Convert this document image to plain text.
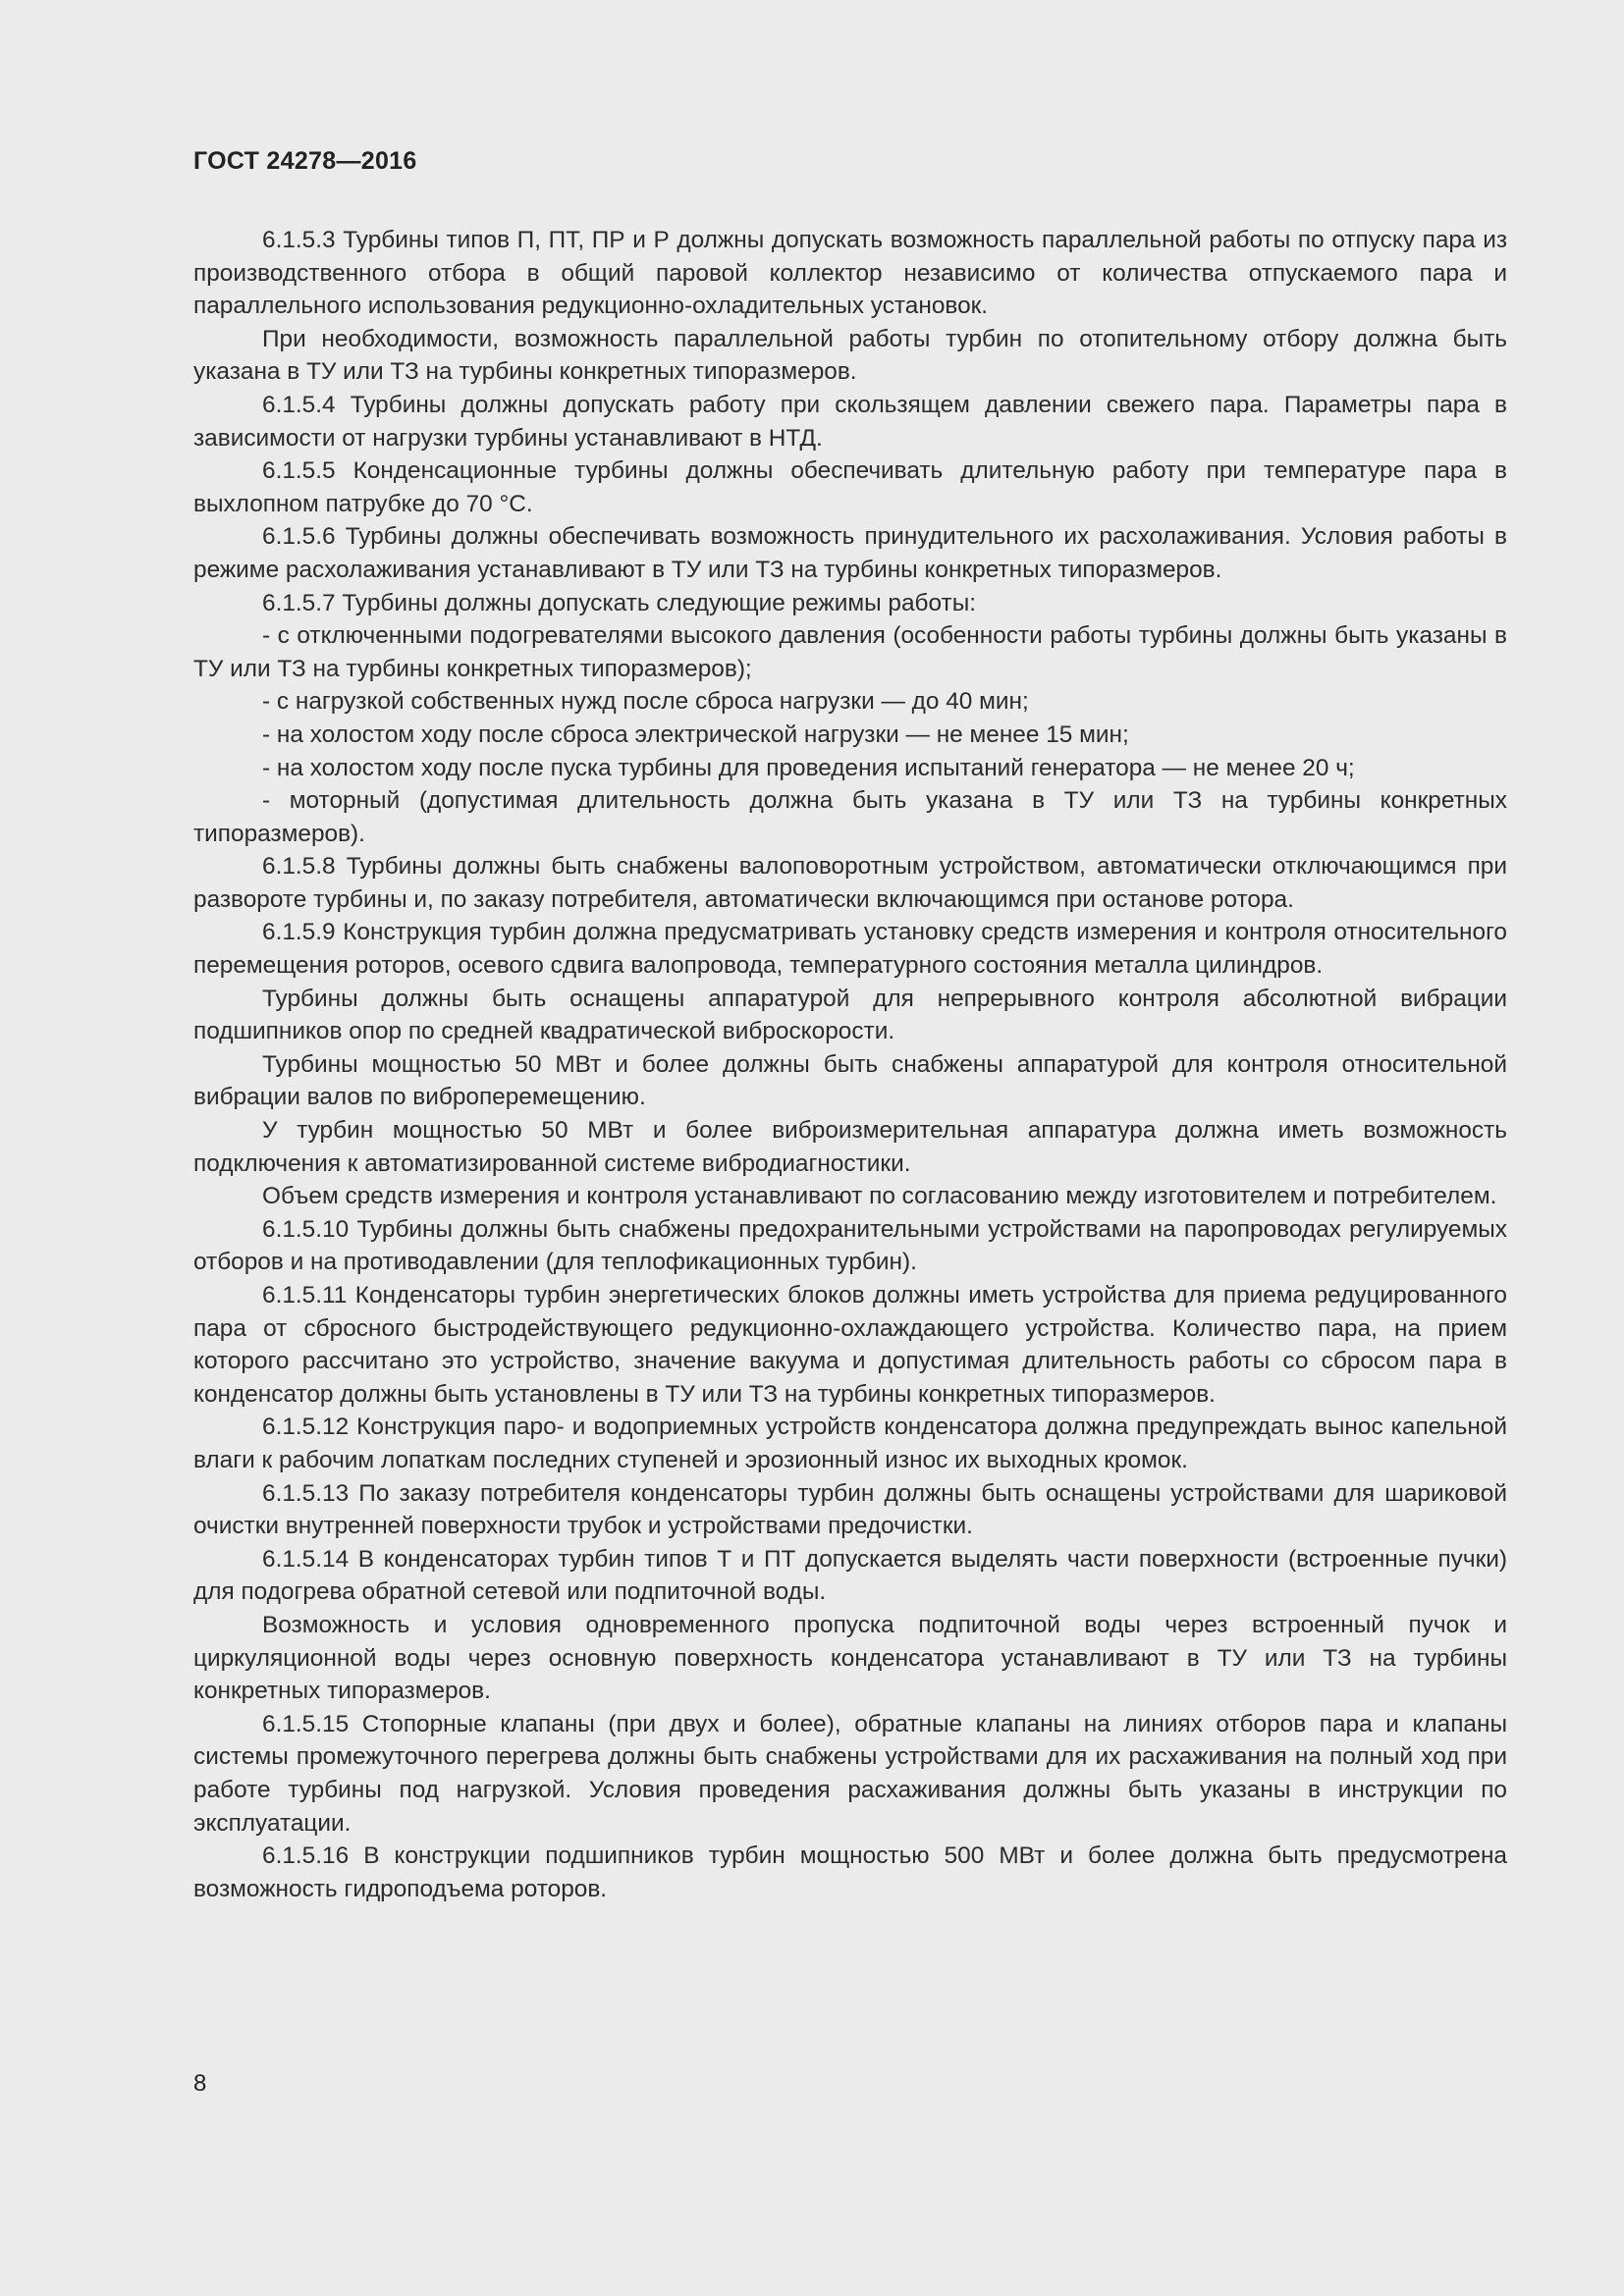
ГОСТ 24278—2016

6.1.5.3 Турбины типов П, ПТ, ПР и Р должны допускать возможность параллельной работы по отпуску пара из производственного отбора в общий паровой коллектор независимо от количества отпускаемого пара и параллельного использования редукционно-охладительных установок.

При необходимости, возможность параллельной работы турбин по отопительному отбору должна быть указана в ТУ или ТЗ на турбины конкретных типоразмеров.

6.1.5.4 Турбины должны допускать работу при скользящем давлении свежего пара. Параметры пара в зависимости от нагрузки турбины устанавливают в НТД.

6.1.5.5 Конденсационные турбины должны обеспечивать длительную работу при температуре пара в выхлопном патрубке до 70 °С.

6.1.5.6 Турбины должны обеспечивать возможность принудительного их расхолаживания. Условия работы в режиме расхолаживания устанавливают в ТУ или ТЗ на турбины конкретных типоразмеров.

6.1.5.7 Турбины должны допускать следующие режимы работы:

- с отключенными подогревателями высокого давления (особенности работы турбины должны быть указаны в ТУ или ТЗ на турбины конкретных типоразмеров);

- с нагрузкой собственных нужд после сброса нагрузки — до 40 мин;

- на холостом ходу после сброса электрической нагрузки — не менее 15 мин;

- на холостом ходу после пуска турбины для проведения испытаний генератора — не менее 20 ч;

- моторный (допустимая длительность должна быть указана в ТУ или ТЗ на турбины конкретных типоразмеров).

6.1.5.8 Турбины должны быть снабжены валоповоротным устройством, автоматически отключающимся при развороте турбины и, по заказу потребителя, автоматически включающимся при останове ротора.

6.1.5.9 Конструкция турбин должна предусматривать установку средств измерения и контроля относительного перемещения роторов, осевого сдвига валопровода, температурного состояния металла цилиндров.

Турбины должны быть оснащены аппаратурой для непрерывного контроля абсолютной вибрации подшипников опор по средней квадратической виброскорости.

Турбины мощностью 50 МВт и более должны быть снабжены аппаратурой для контроля относительной вибрации валов по виброперемещению.

У турбин мощностью 50 МВт и более виброизмерительная аппаратура должна иметь возможность подключения к автоматизированной системе вибродиагностики.

Объем средств измерения и контроля устанавливают по согласованию между изготовителем и потребителем.

6.1.5.10 Турбины должны быть снабжены предохранительными устройствами на паропроводах регулируемых отборов и на противодавлении (для теплофикационных турбин).

6.1.5.11 Конденсаторы турбин энергетических блоков должны иметь устройства для приема редуцированного пара от сбросного быстродействующего редукционно-охлаждающего устройства. Количество пара, на прием которого рассчитано это устройство, значение вакуума и допустимая длительность работы со сбросом пара в конденсатор должны быть установлены в ТУ или ТЗ на турбины конкретных типоразмеров.

6.1.5.12 Конструкция паро- и водоприемных устройств конденсатора должна предупреждать вынос капельной влаги к рабочим лопаткам последних ступеней и эрозионный износ их выходных кромок.

6.1.5.13 По заказу потребителя конденсаторы турбин должны быть оснащены устройствами для шариковой очистки внутренней поверхности трубок и устройствами предочистки.

6.1.5.14 В конденсаторах турбин типов Т и ПТ допускается выделять части поверхности (встроенные пучки) для подогрева обратной сетевой или подпиточной воды.

Возможность и условия одновременного пропуска подпиточной воды через встроенный пучок и циркуляционной воды через основную поверхность конденсатора устанавливают в ТУ или ТЗ на турбины конкретных типоразмеров.

6.1.5.15 Стопорные клапаны (при двух и более), обратные клапаны на линиях отборов пара и клапаны системы промежуточного перегрева должны быть снабжены устройствами для их расхаживания на полный ход при работе турбины под нагрузкой. Условия проведения расхаживания должны быть указаны в инструкции по эксплуатации.

6.1.5.16 В конструкции подшипников турбин мощностью 500 МВт и более должна быть предусмотрена возможность гидроподъема роторов.

8
